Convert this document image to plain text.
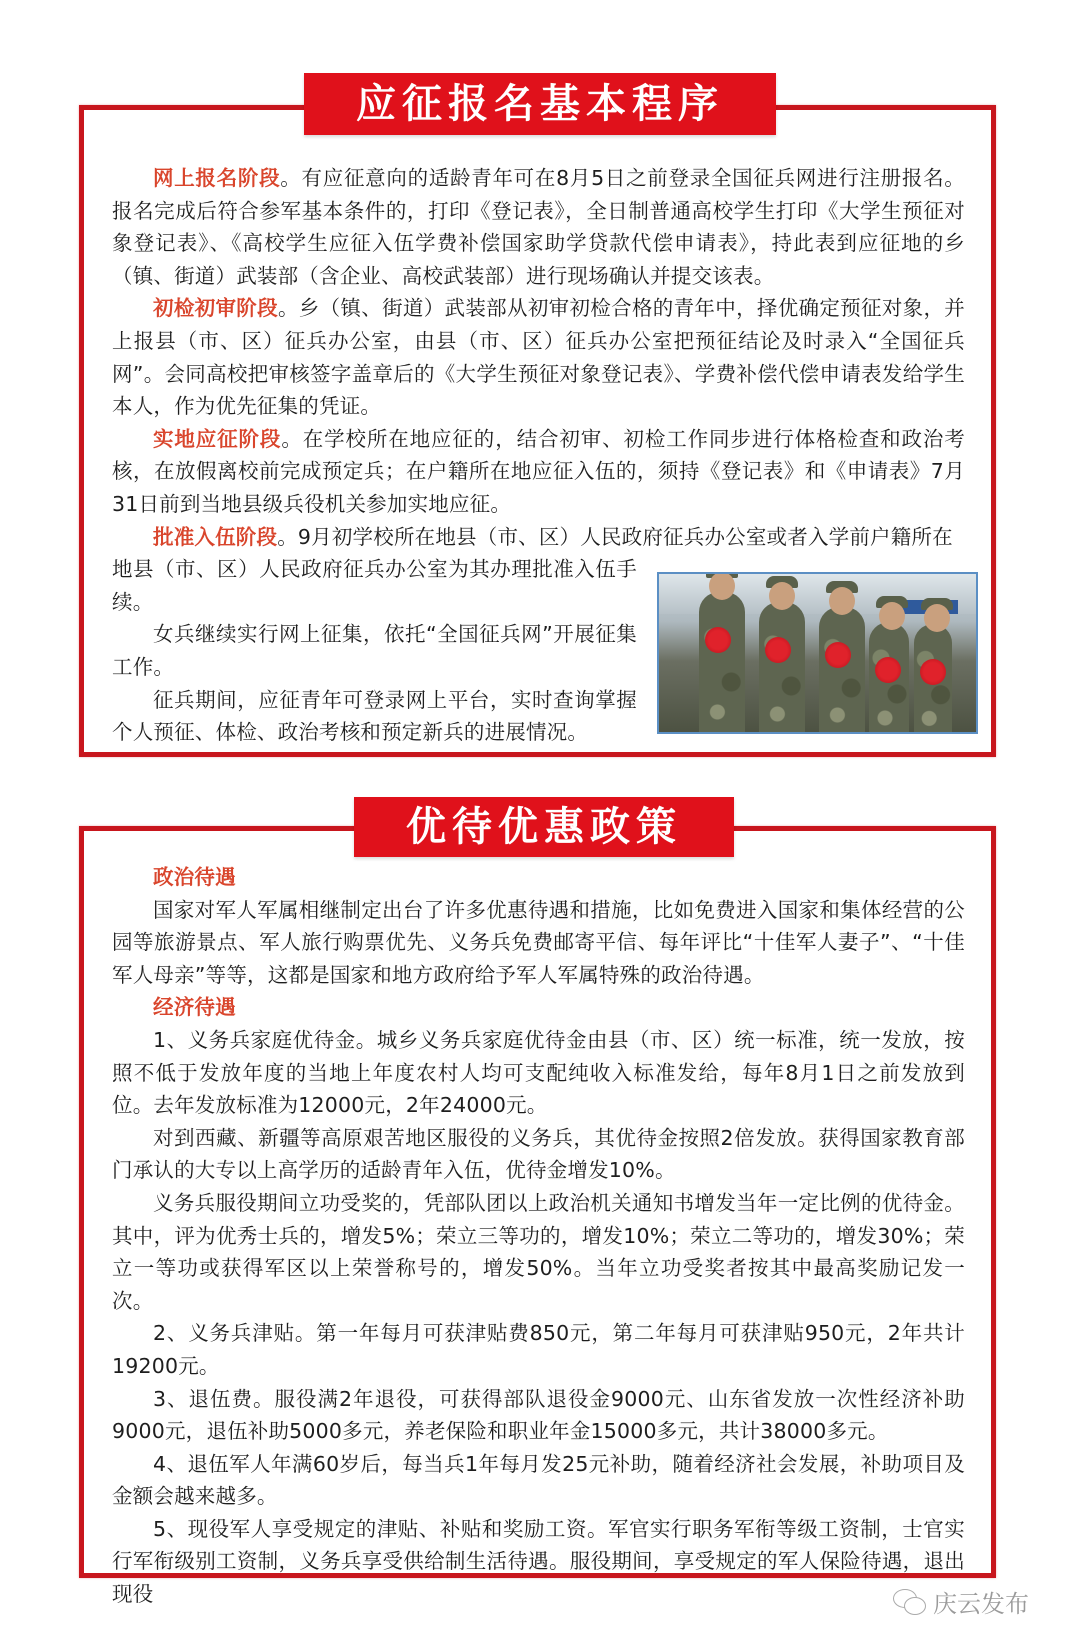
网上报名阶段。有应征意向的适龄青年可在8月5日之前登录全国征兵网进行注册报名。报名完成后符合参军基本条件的，打印《登记表》，全日制普通高校学生打印《大学生预征对象登记表》、《高校学生应征入伍学费补偿国家助学贷款代偿申请表》，持此表到应征地的乡（镇、街道）武装部（含企业、高校武装部）进行现场确认并提交该表。

初检初审阶段。乡（镇、街道）武装部从初审初检合格的青年中，择优确定预征对象，并上报县（市、区）征兵办公室，由县（市、区）征兵办公室把预征结论及时录入“全国征兵网”。会同高校把审核签字盖章后的《大学生预征对象登记表》、学费补偿代偿申请表发给学生本人，作为优先征集的凭证。

实地应征阶段。在学校所在地应征的，结合初审、初检工作同步进行体格检查和政治考核，在放假离校前完成预定兵；在户籍所在地应征入伍的，须持《登记表》和《申请表》7月31日前到当地县级兵役机关参加实地应征。

批准入伍阶段。9月初学校所在地县（市、区）人民政府征兵办公室或者入学前户籍所在

地县（市、区）人民政府征兵办公室为其办理批准入伍手续。

女兵继续实行网上征集，依托“全国征兵网”开展征集工作。

征兵期间，应征青年可登录网上平台，实时查询掌握个人预征、体检、政治考核和预定新兵的进展情况。

应征报名基本程序

政治待遇

国家对军人军属相继制定出台了许多优惠待遇和措施，比如免费进入国家和集体经营的公园等旅游景点、军人旅行购票优先、义务兵免费邮寄平信、每年评比“十佳军人妻子”、“十佳军人母亲”等等，这都是国家和地方政府给予军人军属特殊的政治待遇。

经济待遇

1、义务兵家庭优待金。城乡义务兵家庭优待金由县（市、区）统一标准，统一发放，按照不低于发放年度的当地上年度农村人均可支配纯收入标准发给，每年8月1日之前发放到位。去年发放标准为12000元，2年24000元。

对到西藏、新疆等高原艰苦地区服役的义务兵，其优待金按照2倍发放。获得国家教育部门承认的大专以上高学历的适龄青年入伍，优待金增发10%。

义务兵服役期间立功受奖的，凭部队团以上政治机关通知书增发当年一定比例的优待金。其中，评为优秀士兵的，增发5%；荣立三等功的，增发10%；荣立二等功的，增发30%；荣立一等功或获得军区以上荣誉称号的，增发50%。当年立功受奖者按其中最高奖励记发一次。

2、义务兵津贴。第一年每月可获津贴费850元，第二年每月可获津贴950元，2年共计19200元。

3、退伍费。服役满2年退役，可获得部队退役金9000元、山东省发放一次性经济补助9000元，退伍补助5000多元，养老保险和职业年金15000多元，共计38000多元。

4、退伍军人年满60岁后，每当兵1年每月发25元补助，随着经济社会发展，补助项目及金额会越来越多。

5、现役军人享受规定的津贴、补贴和奖励工资。军官实行职务军衔等级工资制，士官实行军衔级别工资制，义务兵享受供给制生活待遇。服役期间，享受规定的军人保险待遇，退出现役

优待优惠政策
庆云发布
